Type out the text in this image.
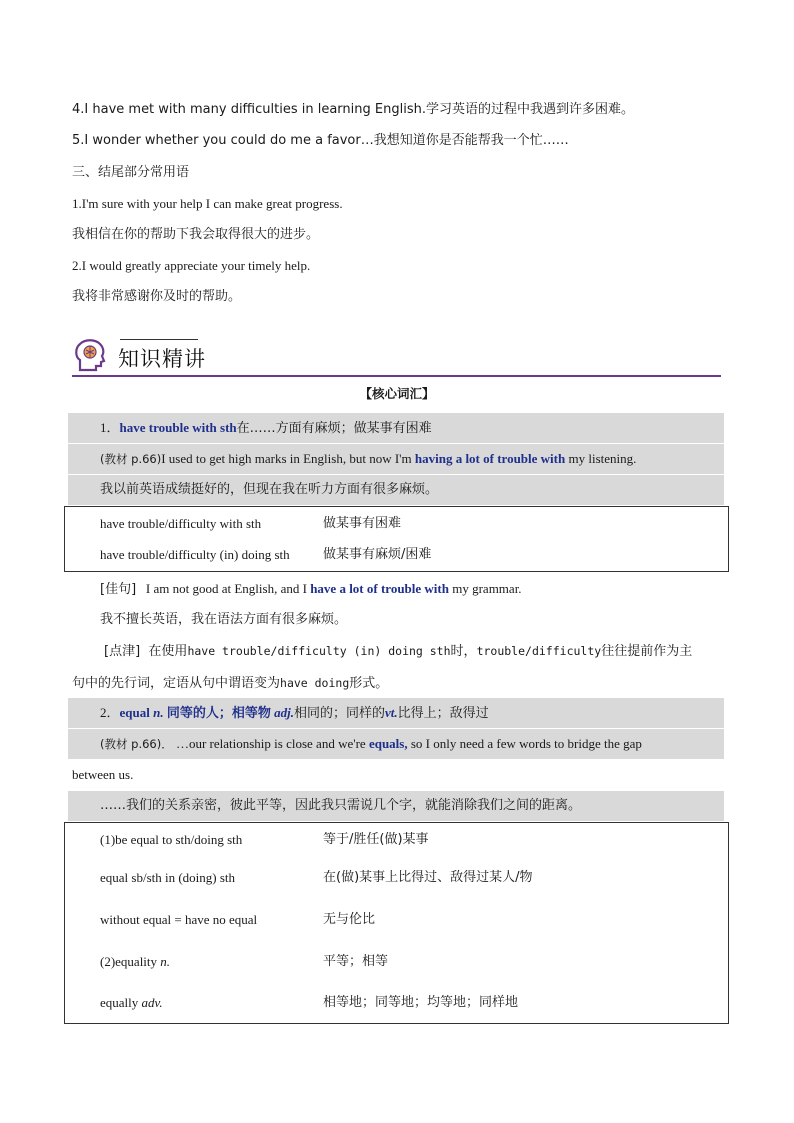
4.I have met with many difficulties in learning English.学习英语的过程中我遇到许多困难。
5.I wonder whether you could do me a favor…我想知道你是否能帮我一个忙……
三、结尾部分常用语
1.I'm sure with your help I can make great progress.
我相信在你的帮助下我会取得很大的进步。
2.I would greatly appreciate your timely help.
我将非常感谢你及时的帮助。
知识精讲
【核心词汇】
1．have trouble with sth在……方面有麻烦；做某事有困难
(教材 p.66)I used to get high marks in English, but now I'm having a lot of trouble with my listening.
我以前英语成绩挺好的，但现在我在听力方面有很多麻烦。
have trouble/difficulty with sth	做某事有困难
have trouble/difficulty (in) doing sth	做某事有麻烦/困难
[佳句] I am not good at English, and I have a lot of trouble with my grammar.
我不擅长英语，我在语法方面有很多麻烦。
[点津] 在使用have trouble/difficulty (in) doing sth时，trouble/difficulty往往提前作为主
句中的先行词，定语从句中谓语变为have doing形式。
2．equal n. 同等的人；相等物 adj.相同的；同样的vt.比得上；敌得过
(教材 p.66)． …our relationship is close and we're equals, so I only need a few words to bridge the gap
between us.
……我们的关系亲密，彼此平等，因此我只需说几个字，就能消除我们之间的距离。
(1)be equal to sth/doing sth	等于/胜任(做)某事
equal sb/sth in (doing) sth	在(做)某事上比得过、敌得过某人/物
without equal = have no equal	无与伦比
(2)equality n.	平等；相等
equally adv.	相等地；同等地；均等地；同样地
